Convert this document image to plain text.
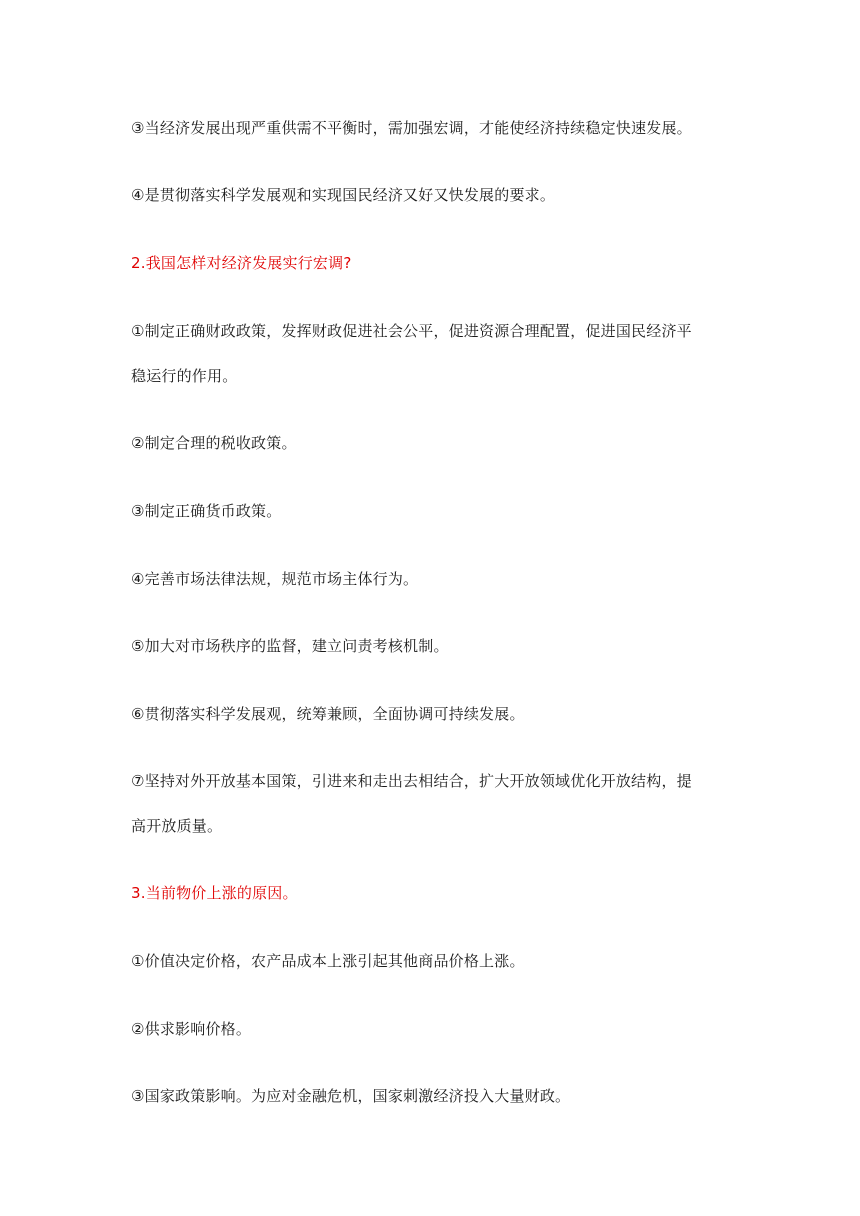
③当经济发展出现严重供需不平衡时，需加强宏调，才能使经济持续稳定快速发展。
④是贯彻落实科学发展观和实现国民经济又好又快发展的要求。
2.我国怎样对经济发展实行宏调?
①制定正确财政政策，发挥财政促进社会公平，促进资源合理配置，促进国民经济平
稳运行的作用。
②制定合理的税收政策。
③制定正确货币政策。
④完善市场法律法规，规范市场主体行为。
⑤加大对市场秩序的监督，建立问责考核机制。
⑥贯彻落实科学发展观，统筹兼顾，全面协调可持续发展。
⑦坚持对外开放基本国策，引进来和走出去相结合，扩大开放领域优化开放结构，提
高开放质量。
3.当前物价上涨的原因。
①价值决定价格，农产品成本上涨引起其他商品价格上涨。
②供求影响价格。
③国家政策影响。为应对金融危机，国家刺激经济投入大量财政。
